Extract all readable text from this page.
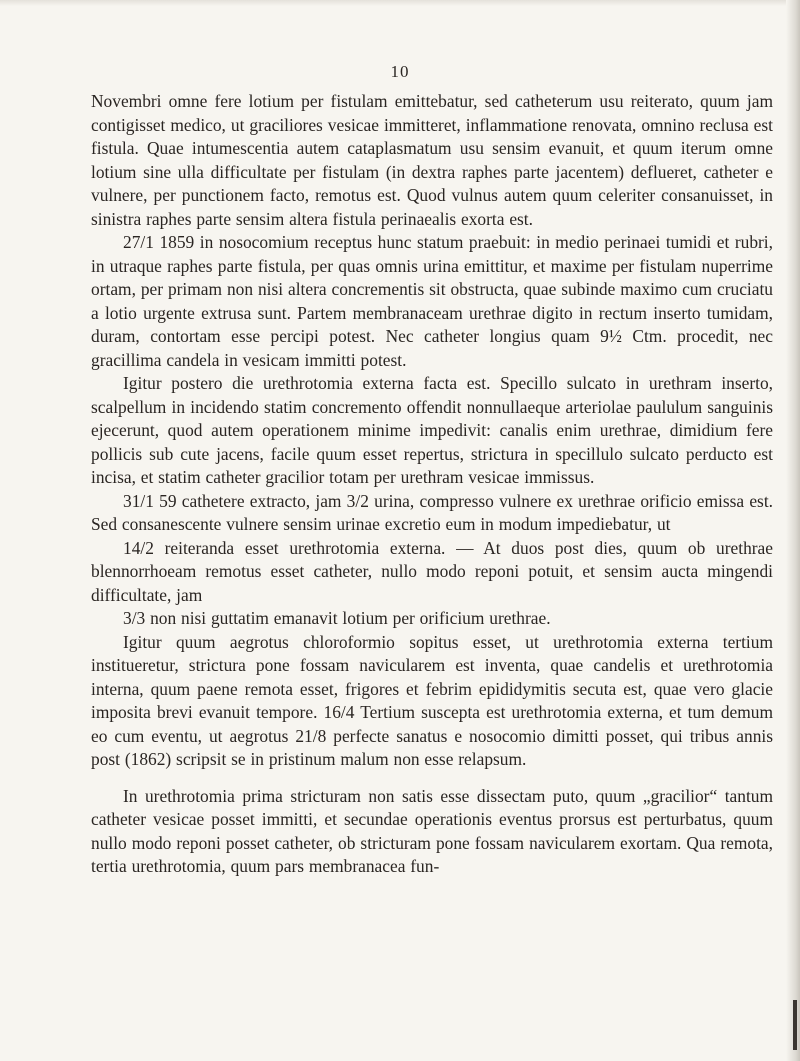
10

Novembri omne fere lotium per fistulam emittebatur, sed catheterum usu reiterato, quum jam contigisset medico, ut graciliores vesicae immitteret, inflammatione renovata, omnino reclusa est fistula. Quae intumescentia autem cataplasmatum usu sensim evanuit, et quum iterum omne lotium sine ulla difficultate per fistulam (in dextra raphes parte jacentem) deflueret, catheter e vulnere, per punctionem facto, remotus est. Quod vulnus autem quum celeriter consanuisset, in sinistra raphes parte sensim altera fistula perinaealis exorta est.

27/1 1859 in nosocomium receptus hunc statum praebuit: in medio perinaei tumidi et rubri, in utraque raphes parte fistula, per quas omnis urina emittitur, et maxime per fistulam nuperrime ortam, per primam non nisi altera concrementis sit obstructa, quae subinde maximo cum cruciatu a lotio urgente extrusa sunt. Partem membranaceam urethrae digito in rectum inserto tumidam, duram, contortam esse percipi potest. Nec catheter longius quam 9½ Ctm. procedit, nec gracillima candela in vesicam immitti potest.

Igitur postero die urethrotomia externa facta est. Specillo sulcato in urethram inserto, scalpellum in incidendo statim concremento offendit nonnullaeque arteriolae paululum sanguinis ejecerunt, quod autem operationem minime impedivit: canalis enim urethrae, dimidium fere pollicis sub cute jacens, facile quum esset repertus, strictura in specillulo sulcato perducto est incisa, et statim catheter gracilior totam per urethram vesicae immissus.

31/1 59 cathetere extracto, jam 3/2 urina, compresso vulnere ex urethrae orificio emissa est. Sed consanescente vulnere sensim urinae excretio eum in modum impediebatur, ut

14/2 reiteranda esset urethrotomia externa. — At duos post dies, quum ob urethrae blennorrhoeam remotus esset catheter, nullo modo reponi potuit, et sensim aucta mingendi difficultate, jam

3/3 non nisi guttatim emanavit lotium per orificium urethrae.

Igitur quum aegrotus chloroformio sopitus esset, ut urethrotomia externa tertium institueretur, strictura pone fossam navicularem est inventa, quae candelis et urethrotomia interna, quum paene remota esset, frigores et febrim epididymitis secuta est, quae vero glacie imposita brevi evanuit tempore. 16/4 Tertium suscepta est urethrotomia externa, et tum demum eo cum eventu, ut aegrotus 21/8 perfecte sanatus e nosocomio dimitti posset, qui tribus annis post (1862) scripsit se in pristinum malum non esse relapsum.

In urethrotomia prima stricturam non satis esse dissectam puto, quum „gracilior“ tantum catheter vesicae posset immitti, et secundae operationis eventus prorsus est perturbatus, quum nullo modo reponi posset catheter, ob stricturam pone fossam navicularem exortam. Qua remota, tertia urethrotomia, quum pars membranacea fun-
